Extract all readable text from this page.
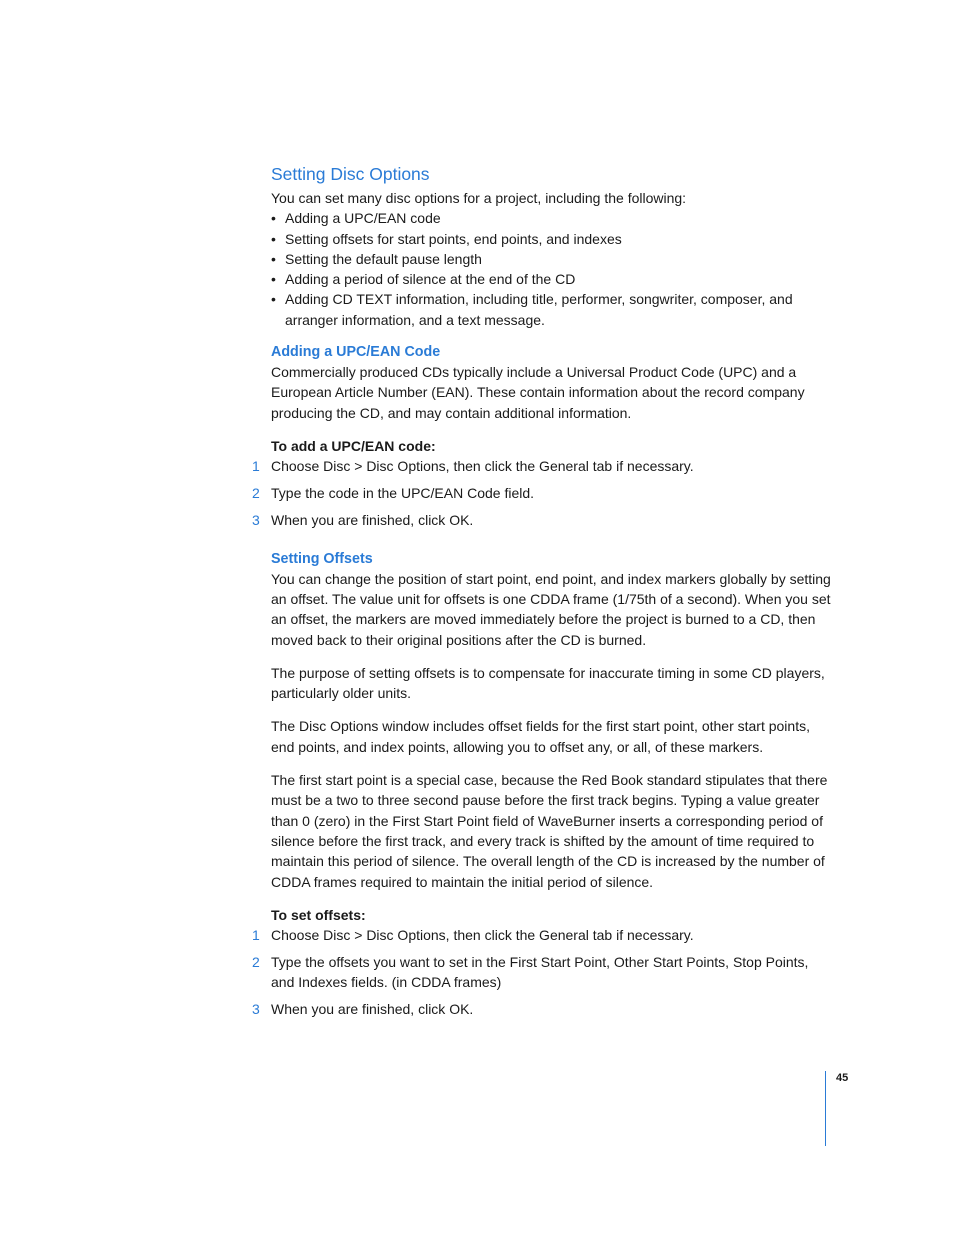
Setting Disc Options

You can set many disc options for a project, including the following:

• Adding a UPC/EAN code
• Setting offsets for start points, end points, and indexes
• Setting the default pause length
• Adding a period of silence at the end of the CD
• Adding CD TEXT information, including title, performer, songwriter, composer, and arranger information, and a text message.
Adding a UPC/EAN Code

Commercially produced CDs typically include a Universal Product Code (UPC) and a European Article Number (EAN). These contain information about the record company producing the CD, and may contain additional information.

To add a UPC/EAN code:

1 Choose Disc > Disc Options, then click the General tab if necessary.
2 Type the code in the UPC/EAN Code field.
3 When you are finished, click OK.
Setting Offsets

You can change the position of start point, end point, and index markers globally by setting an offset. The value unit for offsets is one CDDA frame (1/75th of a second). When you set an offset, the markers are moved immediately before the project is burned to a CD, then moved back to their original positions after the CD is burned.

The purpose of setting offsets is to compensate for inaccurate timing in some CD players, particularly older units.

The Disc Options window includes offset fields for the first start point, other start points, end points, and index points, allowing you to offset any, or all, of these markers.

The first start point is a special case, because the Red Book standard stipulates that there must be a two to three second pause before the first track begins. Typing a value greater than 0 (zero) in the First Start Point field of WaveBurner inserts a corresponding period of silence before the first track, and every track is shifted by the amount of time required to maintain this period of silence. The overall length of the CD is increased by the number of CDDA frames required to maintain the initial period of silence.

To set offsets:

1 Choose Disc > Disc Options, then click the General tab if necessary.
2 Type the offsets you want to set in the First Start Point, Other Start Points, Stop Points, and Indexes fields. (in CDDA frames)
3 When you are finished, click OK.
45
